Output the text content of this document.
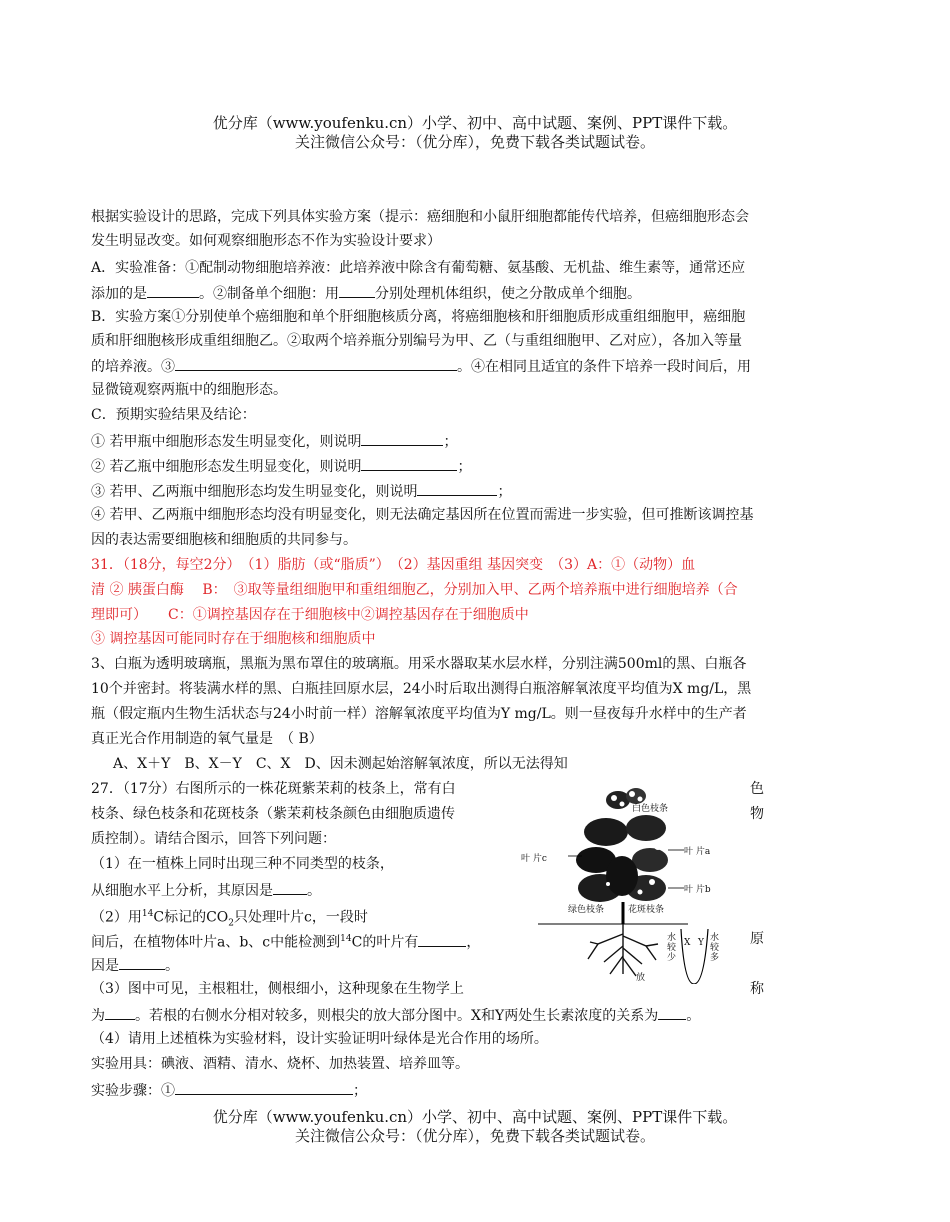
优分库（www.youfenku.cn）小学、初中、高中试题、案例、PPT课件下载。
关注微信公众号：（优分库），免费下载各类试题试卷。
根据实验设计的思路，完成下列具体实验方案（提示：癌细胞和小鼠肝细胞都能传代培养，但癌细胞形态会
发生明显改变。如何观察细胞形态不作为实验设计要求）
A．实验准备：①配制动物细胞培养液：此培养液中除含有葡萄糖、氨基酸、无机盐、维生素等，通常还应
添加的是	。②制备单个细胞：用	分别处理机体组织，使之分散成单个细胞。
B．实验方案①分别使单个癌细胞和单个肝细胞核质分离，将癌细胞核和肝细胞质形成重组细胞甲，癌细胞
质和肝细胞核形成重组细胞乙。②取两个培养瓶分别编号为甲、乙（与重组细胞甲、乙对应），各加入等量
的培养液。③	。④在相同且适宜的条件下培养一段时间后，用
显微镜观察两瓶中的细胞形态。
C．预期实验结果及结论：
① 若甲瓶中细胞形态发生明显变化，则说明	；
② 若乙瓶中细胞形态发生明显变化，则说明	；
③ 若甲、乙两瓶中细胞形态均发生明显变化，则说明	；
④ 若甲、乙两瓶中细胞形态均没有明显变化，则无法确定基因所在位置而需进一步实验，但可推断该调控基
因的表达需要细胞核和细胞质的共同参与。
31．（18分，每空2分）　（1）脂肪（或“脂质”）　（2）基因重组 基因突变　（3）A：①（动物）血
清 ② 胰蛋白酶　 B：　③取等量组细胞甲和重组细胞乙，分别加入甲、乙两个培养瓶中进行细胞培养（合
理即可）　　C：①调控基因存在于细胞核中②调控基因存在于细胞质中
③ 调控基因可能同时存在于细胞核和细胞质中
3、白瓶为透明玻璃瓶，黑瓶为黑布罩住的玻璃瓶。用采水器取某水层水样，分别注满500ml的黑、白瓶各
10个并密封。将装满水样的黑、白瓶挂回原水层，24小时后取出测得白瓶溶解氧浓度平均值为X mg/L，黑
瓶（假定瓶内生物生活状态与24小时前一样）溶解氧浓度平均值为Y mg/L。则一昼夜每升水样中的生产者
真正光合作用制造的氧气量是　（ B）
A、X＋Y　B、X－Y　C、X　D、因未测起始溶解氧浓度，所以无法得知
27．（17分）右图所示的一株花斑紫茉莉的枝条上，常有白	色
枝条、绿色枝条和花斑枝条（紫茉莉枝条颜色由细胞质遗传	物
质控制）。请结合图示，回答下列问题：
（1）在一植株上同时出现三种不同类型的枝条，
从细胞水平上分析，其原因是 。
（2）用$^{14}$C标记的$CO_2$只处理叶片c，一段时
间后，在植物体叶片a、b、c中能检测到$^{14}$C的叶片有	，	原
因是	。
（3）图中可见，主根粗壮，侧根细小，这种现象在生物学上	称
为 。若根的右侧水分相对较多，则根尖的放大部分图中。X和Y两处生长素浓度的关系为 。
（4）请用上述植株为实验材料，设计实验证明叶绿体是光合作用的场所。
实验用具：碘液、酒精、清水、烧杯、加热装置、培养皿等。
实验步骤：①	；
白色枝条
叶 片a
叶 片c
叶 片b
绿色枝条	花斑枝条
水较少
水较多
X Y
放
优分库（www.youfenku.cn）小学、初中、高中试题、案例、PPT课件下载。
关注微信公众号：（优分库），免费下载各类试题试卷。
